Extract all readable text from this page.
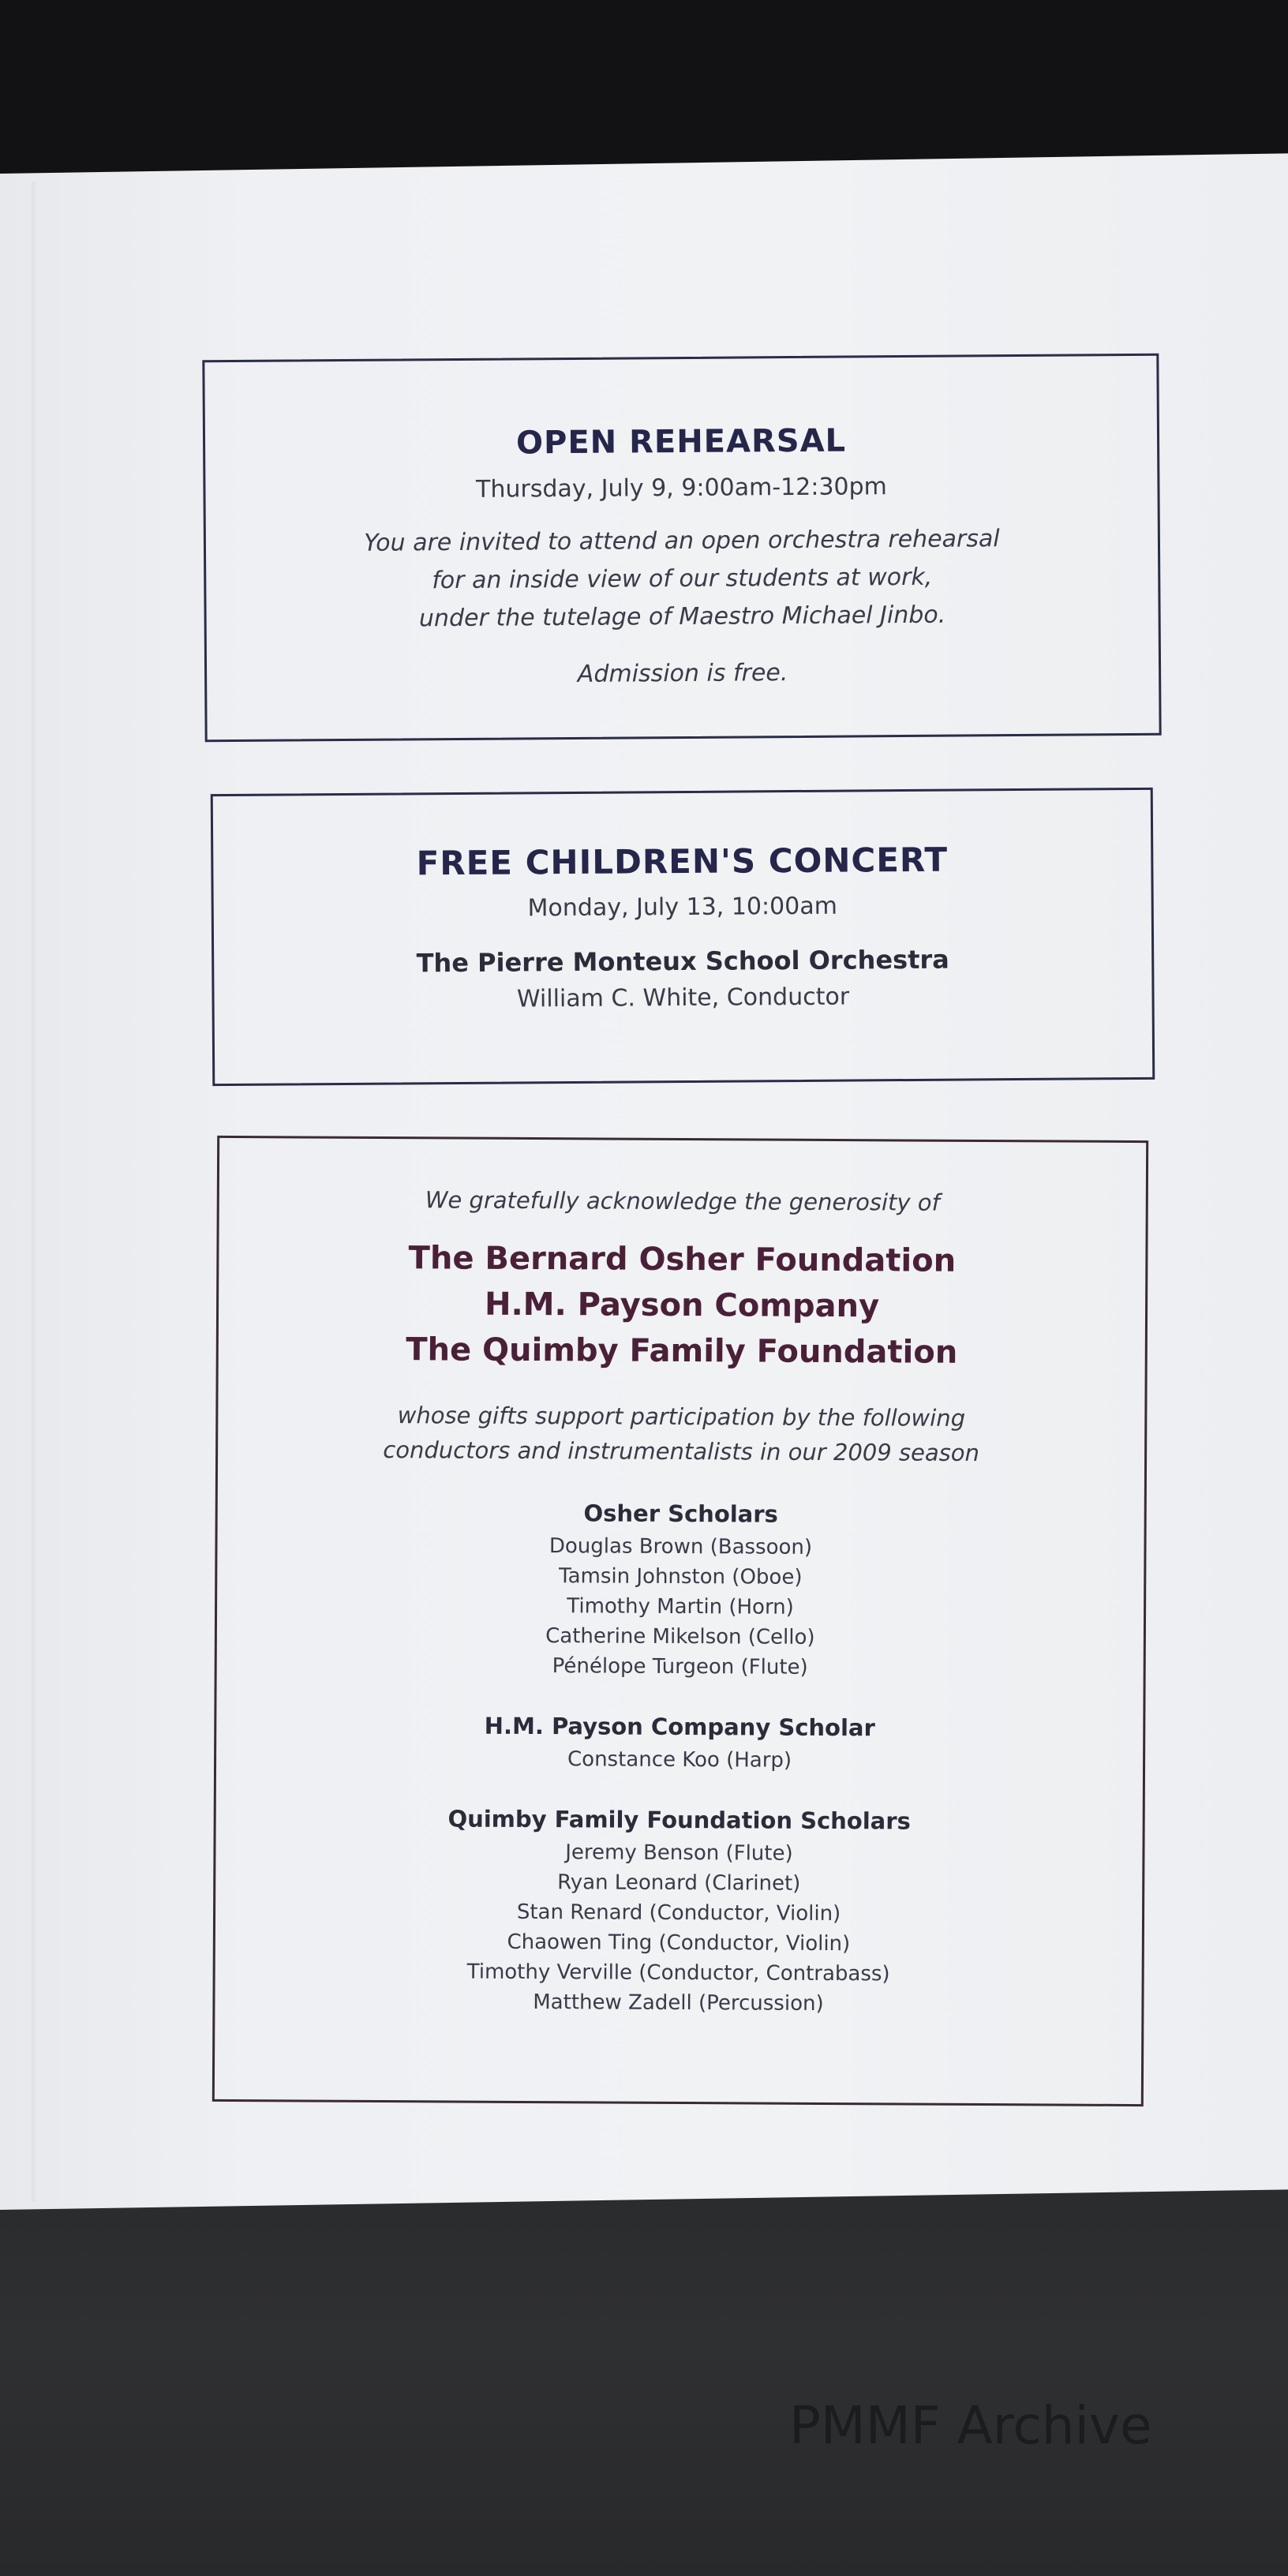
OPEN REHEARSAL
Thursday, July 9, 9:00am-12:30pm
You are invited to attend an open orchestra rehearsal
for an inside view of our students at work,
under the tutelage of Maestro Michael Jinbo.
Admission is free.
FREE CHILDREN'S CONCERT
Monday, July 13, 10:00am
The Pierre Monteux School Orchestra
William C. White, Conductor
We gratefully acknowledge the generosity of
The Bernard Osher Foundation
H.M. Payson Company
The Quimby Family Foundation
whose gifts support participation by the following
conductors and instrumentalists in our 2009 season
Osher Scholars
Douglas Brown (Bassoon)
Tamsin Johnston (Oboe)
Timothy Martin (Horn)
Catherine Mikelson (Cello)
Pénélope Turgeon (Flute)
H.M. Payson Company Scholar
Constance Koo (Harp)
Quimby Family Foundation Scholars
Jeremy Benson (Flute)
Ryan Leonard (Clarinet)
Stan Renard (Conductor, Violin)
Chaowen Ting (Conductor, Violin)
Timothy Verville (Conductor, Contrabass)
Matthew Zadell (Percussion)
PMMF Archive
